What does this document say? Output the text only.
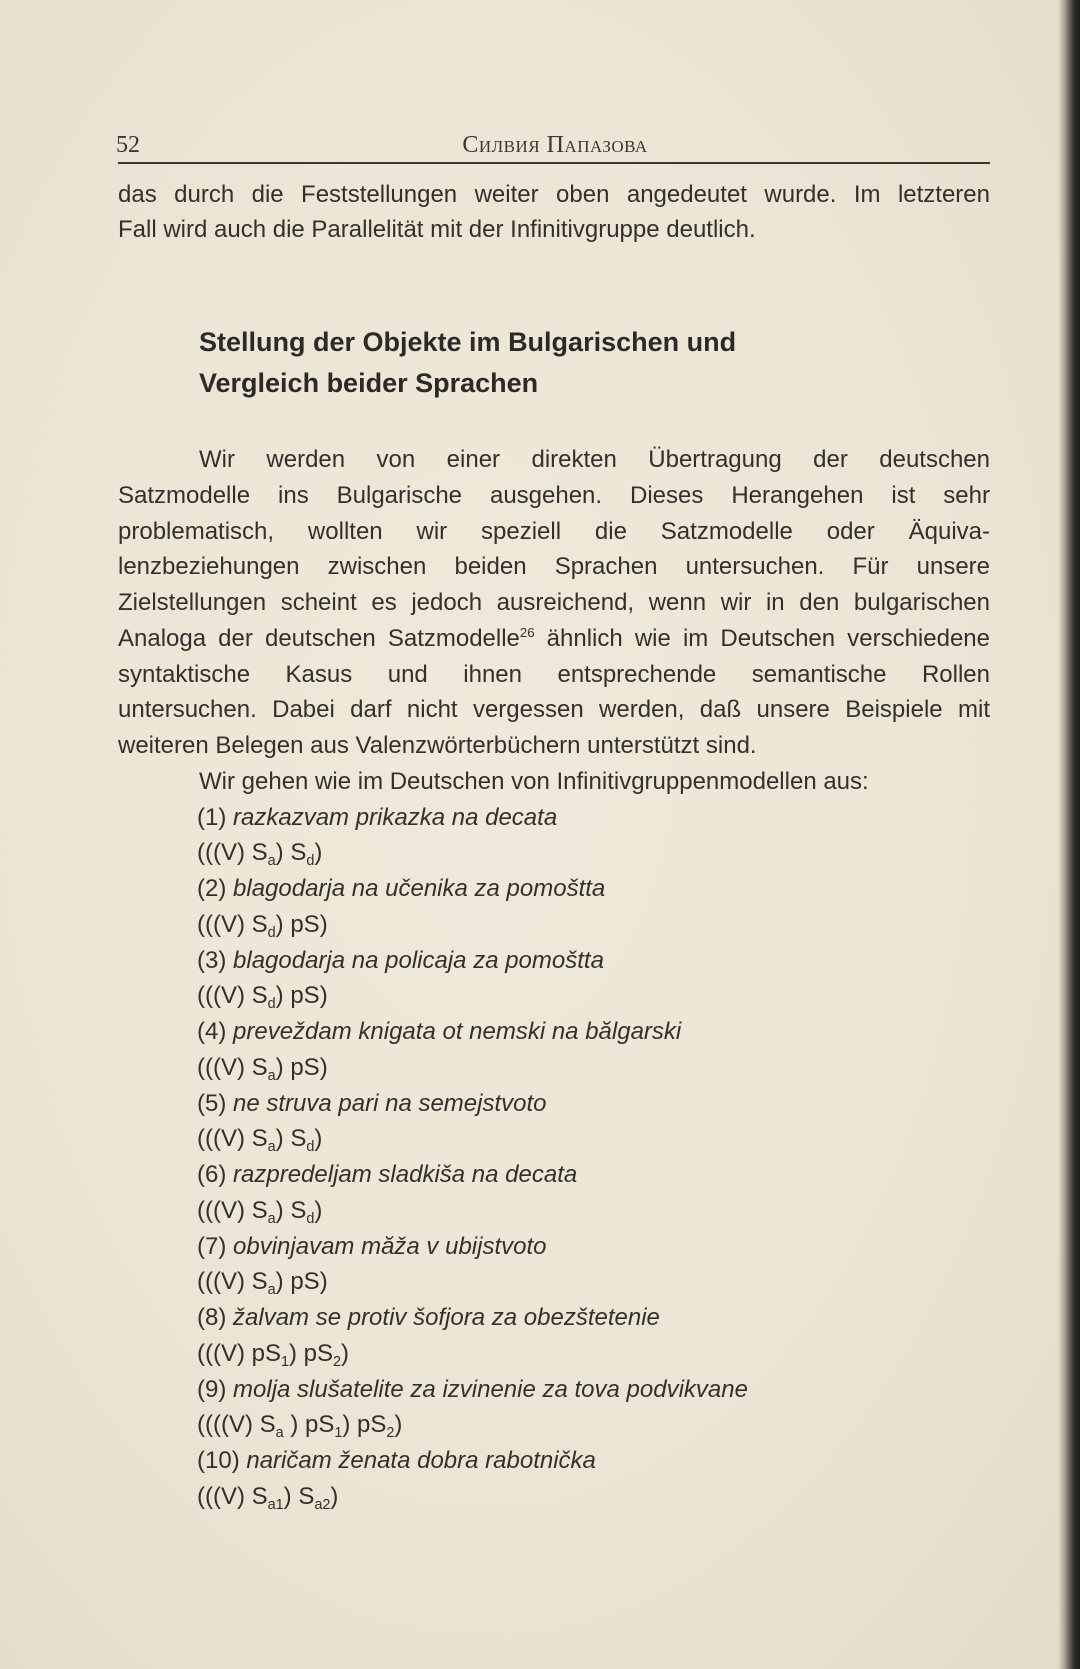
52	Силвия Папазова
das durch die Feststellungen weiter oben angedeutet wurde. Im letzteren
Fall wird auch die Parallelität mit der Infinitivgruppe deutlich.
Stellung der Objekte im Bulgarischen und
Vergleich beider Sprachen
Wir werden von einer direkten Übertragung der deutschen
Satzmodelle ins Bulgarische ausgehen. Dieses Herangehen ist sehr
problematisch, wollten wir speziell die Satzmodelle oder Äquiva-
lenzbeziehungen zwischen beiden Sprachen untersuchen. Für unsere
Zielstellungen scheint es jedoch ausreichend, wenn wir in den bulgarischen
Analoga der deutschen Satzmodelle$^{26}$ ähnlich wie im Deutschen verschiedene
syntaktische Kasus und ihnen entsprechende semantische Rollen
untersuchen. Dabei darf nicht vergessen werden, daß unsere Beispiele mit
weiteren Belegen aus Valenzwörterbüchern unterstützt sind.
Wir gehen wie im Deutschen von Infinitivgruppenmodellen aus:
(1) razkazvam prikazka na decata
(((V) $S_a$) $S_d$)
(2) blagodarja na učenika za pomoštta
(((V) $S_d$) pS)
(3) blagodarja na policaja za pomoštta
(((V) $S_d$) pS)
(4) preveždam knigata ot nemski na bălgarski
(((V) $S_a$) pS)
(5) ne struva pari na semejstvoto
(((V) $S_a$) $S_d$)
(6) razpredeljam sladkiša na decata
(((V) $S_a$) $S_d$)
(7) obvinjavam măža v ubijstvoto
(((V) $S_a$) pS)
(8) žalvam se protiv šofjora za obezštetenie
(((V) $pS_1$) $pS_2$)
(9) molja slušatelite za izvinenie za tova podvikvane
((((V) $S_a$ ) $pS_1$) $pS_2$)
(10) naričam ženata dobra rabotnička
(((V) $S_{a1}$) $S_{a2}$)
